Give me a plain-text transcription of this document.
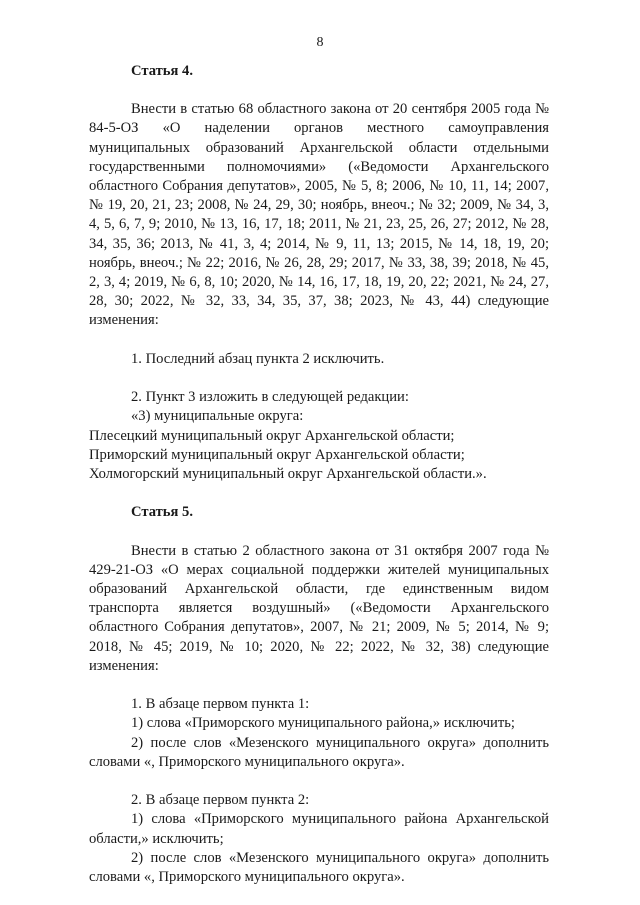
8

Статья 4.

Внести в статью 68 областного закона от 20 сентября 2005 года № 84-5-ОЗ «О наделении органов местного самоуправления муниципальных образований Архангельской области отдельными государственными полномочиями» («Ведомости Архангельского областного Собрания депутатов», 2005, № 5, 8; 2006, № 10, 11, 14; 2007, № 19, 20, 21, 23; 2008, № 24, 29, 30; ноябрь, внеоч.; № 32; 2009, № 34, 3, 4, 5, 6, 7, 9; 2010, № 13, 16, 17, 18; 2011, № 21, 23, 25, 26, 27; 2012, № 28, 34, 35, 36; 2013, № 41, 3, 4; 2014, № 9, 11, 13; 2015, № 14, 18, 19, 20; ноябрь, внеоч.; № 22; 2016, № 26, 28, 29; 2017, № 33, 38, 39; 2018, № 45, 2, 3, 4; 2019, № 6, 8, 10; 2020, № 14, 16, 17, 18, 19, 20, 22; 2021, № 24, 27, 28, 30; 2022, № 32, 33, 34, 35, 37, 38; 2023, № 43, 44) следующие изменения:

1. Последний абзац пункта 2 исключить.

2. Пункт 3 изложить в следующей редакции:

«3) муниципальные округа:

Плесецкий муниципальный округ Архангельской области;

Приморский муниципальный округ Архангельской области;

Холмогорский муниципальный округ Архангельской области.».

Статья 5.

Внести в статью 2 областного закона от 31 октября 2007 года № 429-21-ОЗ «О мерах социальной поддержки жителей муниципальных образований Архангельской области, где единственным видом транспорта является воздушный» («Ведомости Архангельского областного Собрания депутатов», 2007, № 21; 2009, № 5; 2014, № 9; 2018, № 45; 2019, № 10; 2020, № 22; 2022, № 32, 38) следующие изменения:

1. В абзаце первом пункта 1:

1) слова «Приморского муниципального района,» исключить;

2) после слов «Мезенского муниципального округа» дополнить словами «, Приморского муниципального округа».

2. В абзаце первом пункта 2:

1) слова «Приморского муниципального района Архангельской области,» исключить;

2) после слов «Мезенского муниципального округа» дополнить словами «, Приморского муниципального округа».
